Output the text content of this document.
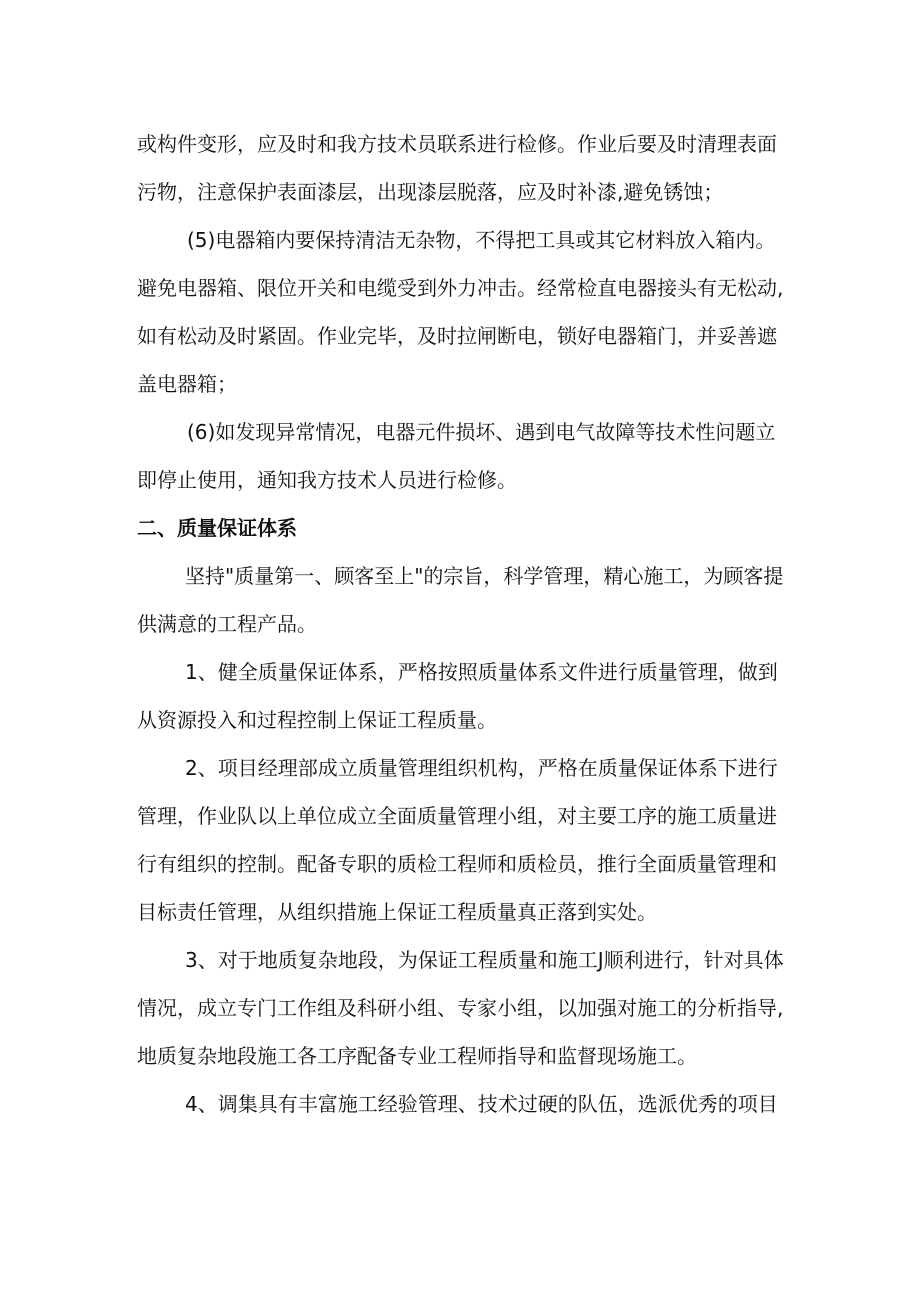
或构件变形，应及时和我方技术员联系进行检修。作业后要及时清理表面
污物，注意保护表面漆层，出现漆层脱落，应及时补漆,避免锈蚀；
(5)电器箱内要保持清洁无杂物，不得把工具或其它材料放入箱内。
避免电器箱、限位开关和电缆受到外力冲击。经常检直电器接头有无松动,
如有松动及时紧固。作业完毕，及时拉闸断电，锁好电器箱门，并妥善遮
盖电器箱；
(6)如发现异常情况，电器元件损坏、遇到电气故障等技术性问题立
即停止使用，通知我方技术人员进行检修。
二、质量保证体系
坚持"质量第一、顾客至上"的宗旨，科学管理，精心施工，为顾客提
供满意的工程产品。
1、健全质量保证体系，严格按照质量体系文件进行质量管理，做到
从资源投入和过程控制上保证工程质量。
2、项目经理部成立质量管理组织机构，严格在质量保证体系下进行
管理，作业队以上单位成立全面质量管理小组，对主要工序的施工质量进
行有组织的控制。配备专职的质检工程师和质检员，推行全面质量管理和
目标责任管理，从组织措施上保证工程质量真正落到实处。
3、对于地质复杂地段，为保证工程质量和施工J顺利进行，针对具体
情况，成立专门工作组及科研小组、专家小组，以加强对施工的分析指导,
地质复杂地段施工各工序配备专业工程师指导和监督现场施工。
4、调集具有丰富施工经验管理、技术过硬的队伍，选派优秀的项目
